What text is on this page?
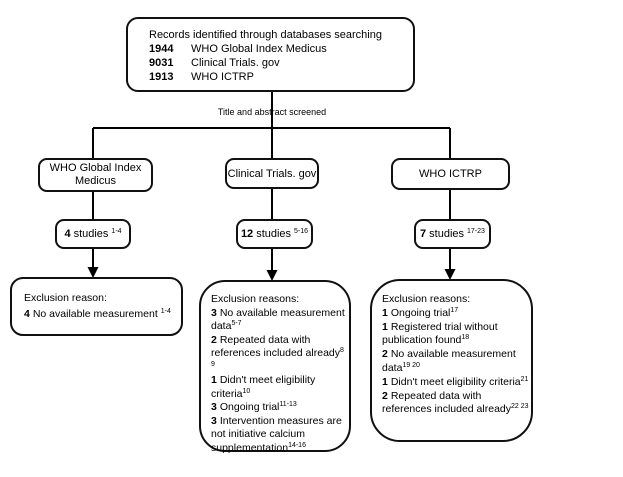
Records identified through databases searching
1944	WHO Global Index Medicus
9031	Clinical Trials. gov
1913	WHO ICTRP
Title and abstract screened
WHO Global Index Medicus
Clinical Trials. gov	WHO ICTRP
4 studies $^{1-4}$	12 studies $^{5-16}$	7 studies $^{17-23}$
Exclusion reason:
4 No available measurement $^{1-4}$
Exclusion reasons:
3 No available measurement data$^{5-7}$
2 Repeated data with references included already$^{8 9}$
1 Didn't meet eligibility criteria$^{10}$
3 Ongoing trial$^{11-13}$
3 Intervention measures are not initiative calcium supplementation$^{14-16}$
Exclusion reasons:
1 Ongoing trial$^{17}$
1 Registered trial without publication found$^{18}$
2 No available measurement data$^{19 20}$
1 Didn't meet eligibility criteria$^{21}$
2 Repeated data with references included already$^{22 23}$
